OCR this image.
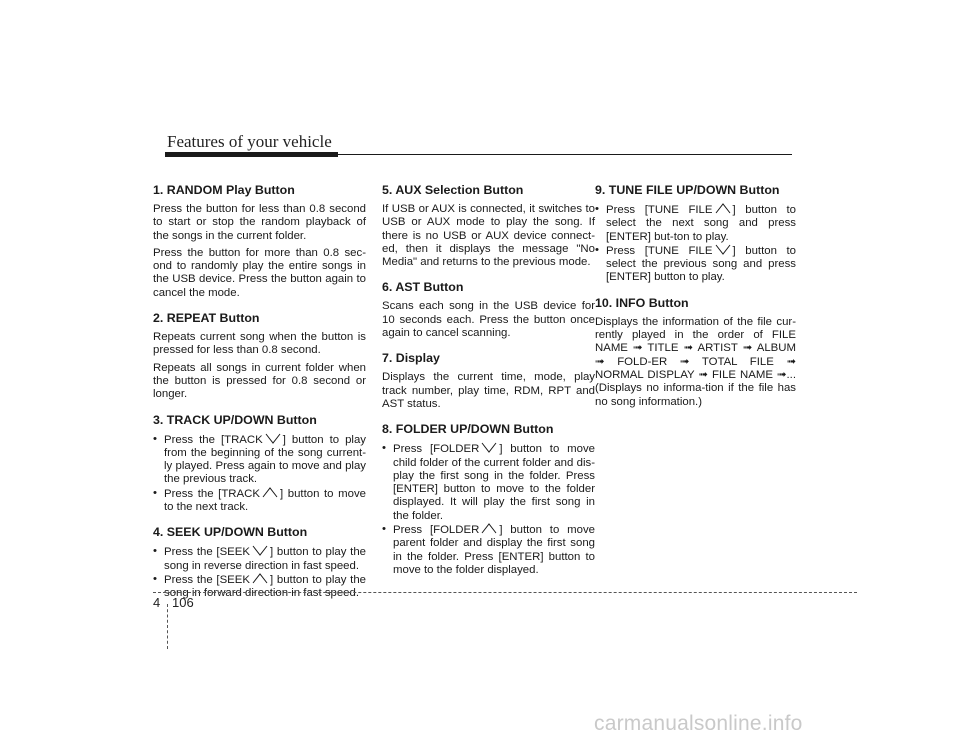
Features of your vehicle
1. RANDOM Play Button

Press the button for less than 0.8 second to start or stop the random playback of the songs in the current folder.

Press the button for more than 0.8 sec-ond to randomly play the entire songs in the USB device. Press the button again to cancel the mode.

2. REPEAT Button

Repeats current song when the button is pressed for less than 0.8 second.

Repeats all songs in current folder when the button is pressed for 0.8 second or longer.

3. TRACK UP/DOWN Button
• Press the [TRACK ] button to play from the beginning of the song current-ly played. Press again to move and play the previous track.
• Press the [TRACK ] button to move to the next track.
4. SEEK UP/DOWN Button
• Press the [SEEK ] button to play the song in reverse direction in fast speed.
• Press the [SEEK ] button to play the song in forward direction in fast speed.
5. AUX Selection Button

If USB or AUX is connected, it switches to USB or AUX mode to play the song. If there is no USB or AUX device connect-ed, then it displays the message "No Media" and returns to the previous mode.

6. AST Button

Scans each song in the USB device for 10 seconds each. Press the button once again to cancel scanning.

7. Display

Displays the current time, mode, play track number, play time, RDM, RPT and AST status.

8. FOLDER UP/DOWN Button
• Press [FOLDER ] button to move child folder of the current folder and dis-play the first song in the folder. Press [ENTER] button to move to the folder displayed. It will play the first song in the folder.
• Press [FOLDER ] button to move parent folder and display the first song in the folder. Press [ENTER] button to move to the folder displayed.
9. TUNE FILE UP/DOWN Button
• Press [TUNE FILE ] button to select the next song and press [ENTER] but-ton to play.
• Press [TUNE FILE ] button to select the previous song and press [ENTER] button to play.
10. INFO Button

Displays the information of the file cur-rently played in the order of FILE NAME ➟ TITLE ➟ ARTIST ➟ ALBUM ➟ FOLD-ER ➟ TOTAL FILE ➟ NORMAL DISPLAY ➟ FILE NAME ➟... (Displays no informa-tion if the file has no song information.)

4 106
carmanualsonline.info
